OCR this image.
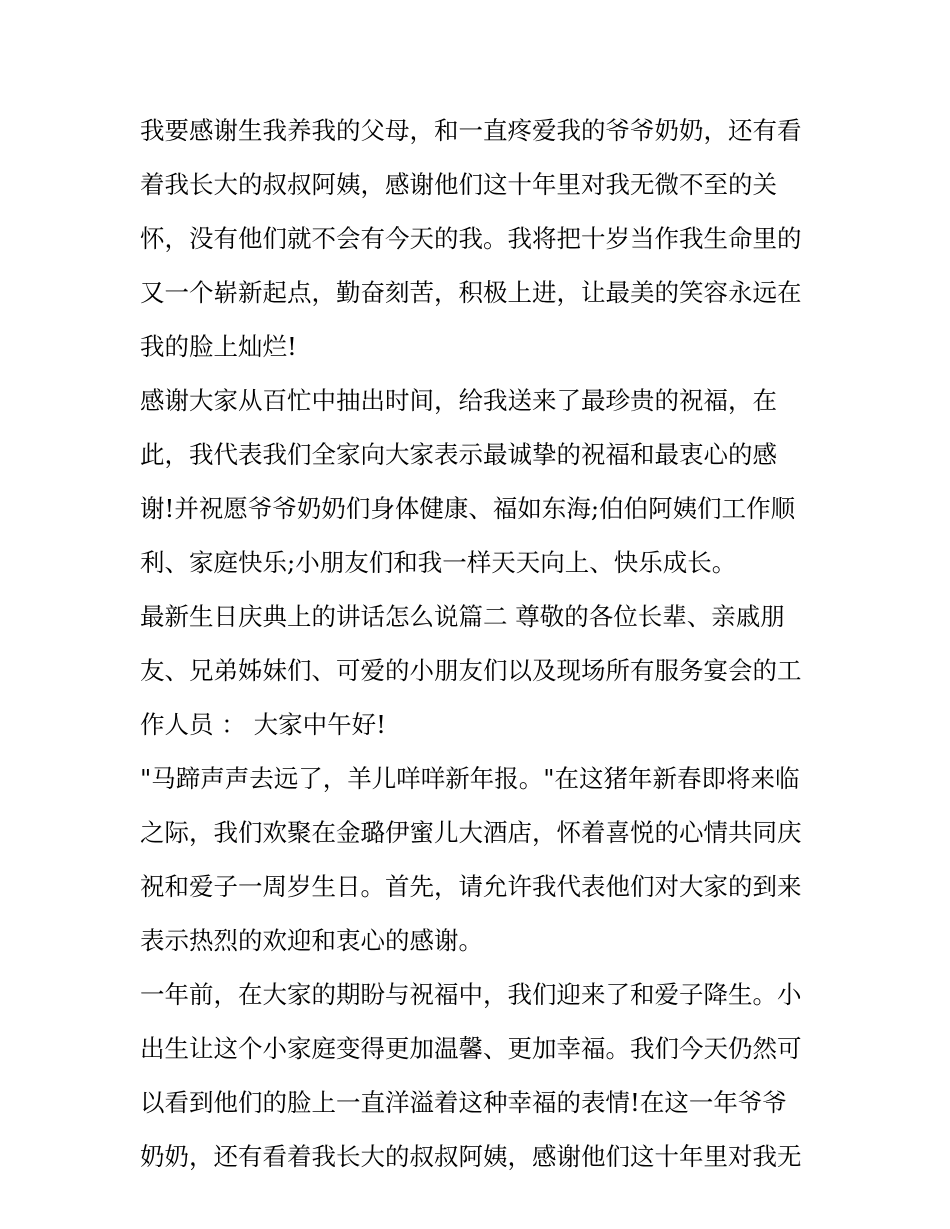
我要感谢生我养我的父母，和一直疼爱我的爷爷奶奶，还有看
着我长大的叔叔阿姨，感谢他们这十年里对我无微不至的关
怀，没有他们就不会有今天的我。我将把十岁当作我生命里的
又一个崭新起点，勤奋刻苦，积极上进，让最美的笑容永远在
我的脸上灿烂!
感谢大家从百忙中抽出时间，给我送来了最珍贵的祝福，在
此，我代表我们全家向大家表示最诚挚的祝福和最衷心的感
谢!并祝愿爷爷奶奶们身体健康、福如东海;伯伯阿姨们工作顺
利、家庭快乐;小朋友们和我一样天天向上、快乐成长。
最新生日庆典上的讲话怎么说篇二 尊敬的各位长辈、亲戚朋
友、兄弟姊妹们、可爱的小朋友们以及现场所有服务宴会的工
作人员 ： 大家中午好!
"马蹄声声去远了，羊儿咩咩新年报。"在这猪年新春即将来临
之际，我们欢聚在金璐伊蜜儿大酒店，怀着喜悦的心情共同庆
祝和爱子一周岁生日。首先，请允许我代表他们对大家的到来
表示热烈的欢迎和衷心的感谢。
一年前，在大家的期盼与祝福中，我们迎来了和爱子降生。小
出生让这个小家庭变得更加温馨、更加幸福。我们今天仍然可
以看到他们的脸上一直洋溢着这种幸福的表情!在这一年爷爷
奶奶，还有看着我长大的叔叔阿姨，感谢他们这十年里对我无
